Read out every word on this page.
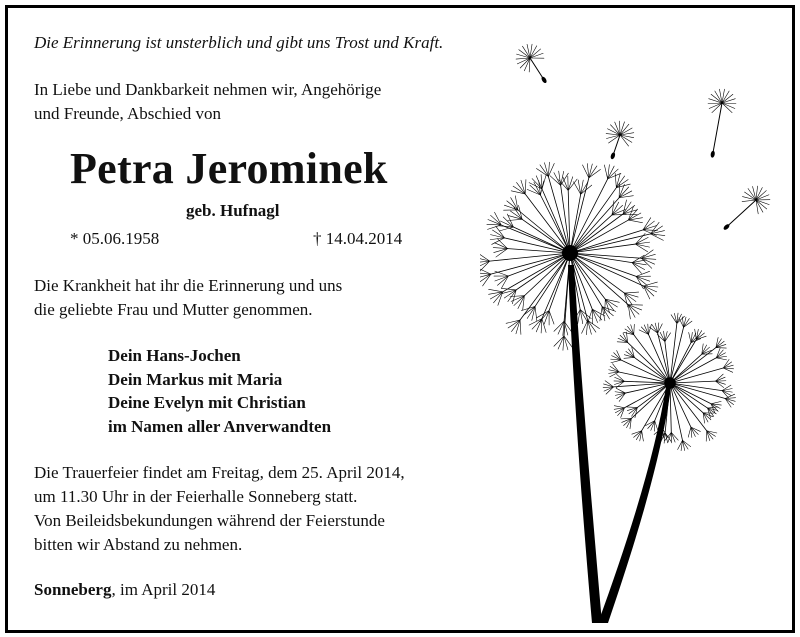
Die Erinnerung ist unsterblich und gibt uns Trost und Kraft.
In Liebe und Dankbarkeit nehmen wir, Angehörige
und Freunde, Abschied von
Petra Jerominek
geb. Hufnagl
* 05.06.1958	† 14.04.2014
Die Krankheit hat ihr die Erinnerung und uns
die geliebte Frau und Mutter genommen.
Dein Hans-Jochen
Dein Markus mit Maria
Deine Evelyn mit Christian
im Namen aller Anverwandten
Die Trauerfeier findet am Freitag, dem 25. April 2014,
um 11.30 Uhr in der Feierhalle Sonneberg statt.
Von Beileidsbekundungen während der Feierstunde
bitten wir Abstand zu nehmen.
Sonneberg, im April 2014
